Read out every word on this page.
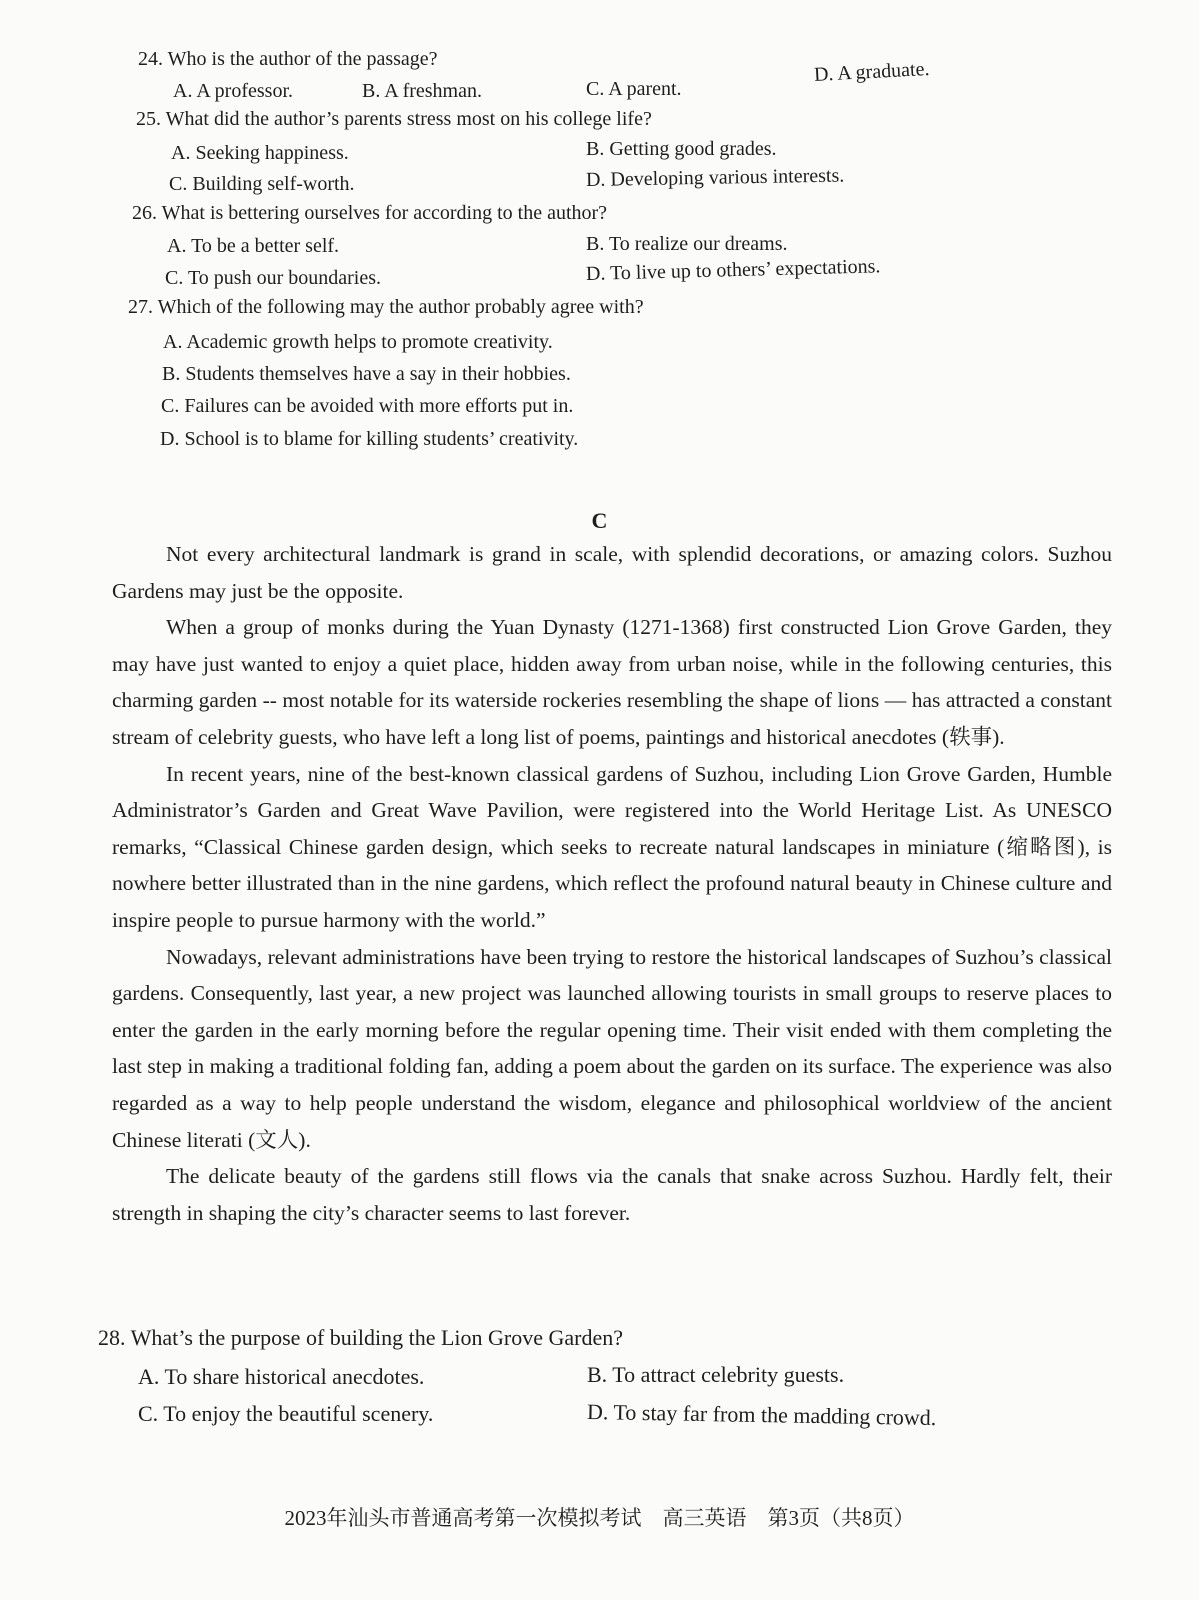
24. Who is the author of the passage?
A. A professor.	B. A freshman.	C. A parent.
D. A graduate.
25. What did the author’s parents stress most on his college life?
A. Seeking happiness.	B. Getting good grades.
C. Building self-worth.	D. Developing various interests.
26. What is bettering ourselves for according to the author?
A. To be a better self.	B. To realize our dreams.
C. To push our boundaries.	D. To live up to others’ expectations.
27. Which of the following may the author probably agree with?
A. Academic growth helps to promote creativity.
B. Students themselves have a say in their hobbies.
C. Failures can be avoided with more efforts put in.
D. School is to blame for killing students’ creativity.
C

Not every architectural landmark is grand in scale, with splendid decorations, or amazing colors. Suzhou Gardens may just be the opposite.

When a group of monks during the Yuan Dynasty (1271-1368) first constructed Lion Grove Garden, they may have just wanted to enjoy a quiet place, hidden away from urban noise, while in the following centuries, this charming garden -- most notable for its waterside rockeries resembling the shape of lions — has attracted a constant stream of celebrity guests, who have left a long list of poems, paintings and historical anecdotes (轶事).

In recent years, nine of the best-known classical gardens of Suzhou, including Lion Grove Garden, Humble Administrator’s Garden and Great Wave Pavilion, were registered into the World Heritage List. As UNESCO remarks, “Classical Chinese garden design, which seeks to recreate natural landscapes in miniature (缩略图), is nowhere better illustrated than in the nine gardens, which reflect the profound natural beauty in Chinese culture and inspire people to pursue harmony with the world.”

Nowadays, relevant administrations have been trying to restore the historical landscapes of Suzhou’s classical gardens. Consequently, last year, a new project was launched allowing tourists in small groups to reserve places to enter the garden in the early morning before the regular opening time. Their visit ended with them completing the last step in making a traditional folding fan, adding a poem about the garden on its surface. The experience was also regarded as a way to help people understand the wisdom, elegance and philosophical worldview of the ancient Chinese literati (文人).

The delicate beauty of the gardens still flows via the canals that snake across Suzhou. Hardly felt, their strength in shaping the city’s character seems to last forever.

28. What’s the purpose of building the Lion Grove Garden?
A. To share historical anecdotes.	B. To attract celebrity guests.
C. To enjoy the beautiful scenery.	D. To stay far from the madding crowd.
2023年汕头市普通高考第一次模拟考试　高三英语　第3页（共8页）
